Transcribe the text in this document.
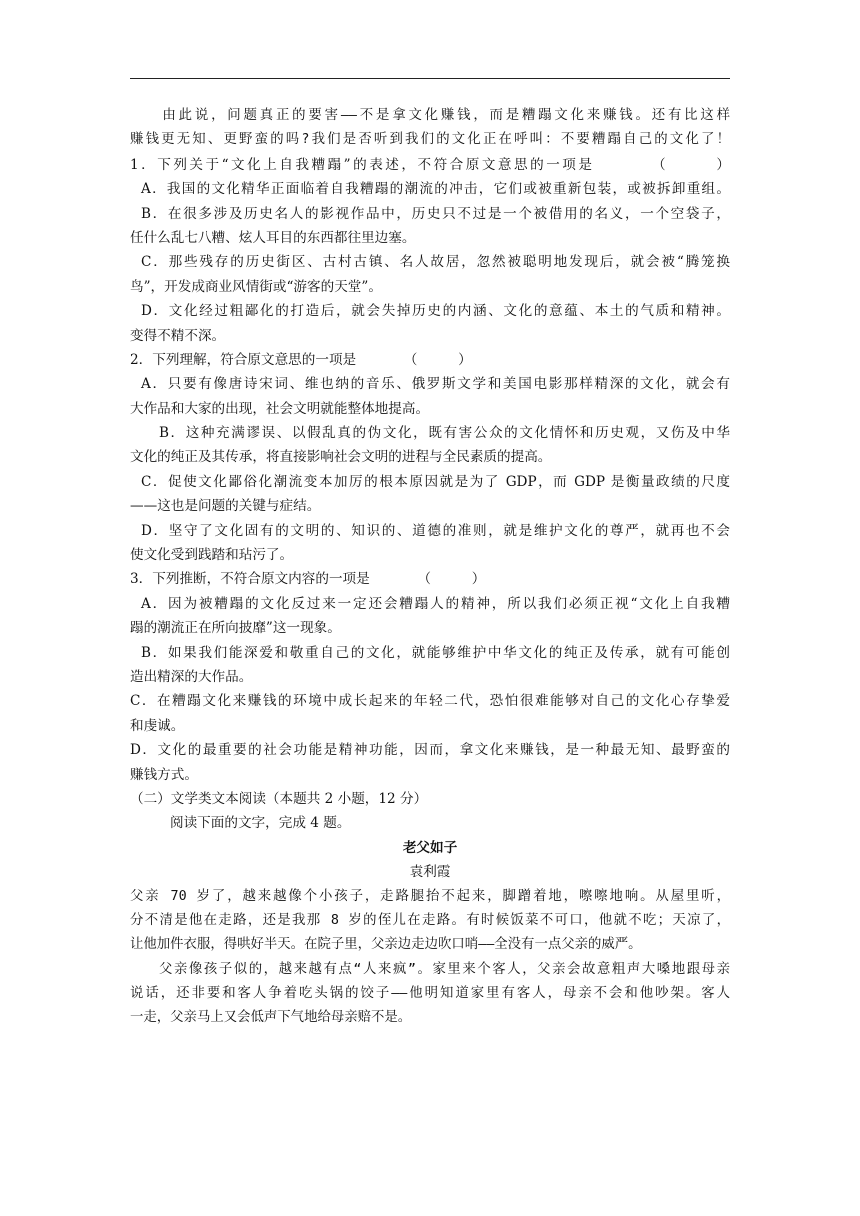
　　由此说，问题真正的要害——不是拿文化赚钱，而是糟蹋文化来赚钱。还有比这样
赚钱更无知、更野蛮的吗?我们是否听到我们的文化正在呼叫：不要糟蹋自己的文化了！
1．下列关于“文化上自我糟蹋”的表述，不符合原文意思的一项是　　　　（　　　）
A．我国的文化精华正面临着自我糟蹋的潮流的冲击，它们或被重新包装，或被拆卸重组。
B．在很多涉及历史名人的影视作品中，历史只不过是一个被借用的名义，一个空袋子，
任什么乱七八糟、炫人耳目的东西都往里边塞。
C．那些残存的历史街区、古村古镇、名人故居，忽然被聪明地发现后，就会被“腾笼换
鸟”，开发成商业风情街或“游客的天堂”。
D．文化经过粗鄙化的打造后，就会失掉历史的内涵、文化的意蕴、本土的气质和精神。
变得不精不深。
2．下列理解，符合原文意思的一项是　　　　（　　　）
A．只要有像唐诗宋词、维也纳的音乐、俄罗斯文学和美国电影那样精深的文化，就会有
大作品和大家的出现，社会文明就能整体地提高。
B．这种充满谬误、以假乱真的伪文化，既有害公众的文化情怀和历史观，又伤及中华
文化的纯正及其传承，将直接影响社会文明的进程与全民素质的提高。
C．促使文化鄙俗化潮流变本加厉的根本原因就是为了 GDP，而 GDP 是衡量政绩的尺度
——这也是问题的关键与症结。
D．坚守了文化固有的文明的、知识的、道德的准则，就是维护文化的尊严，就再也不会
使文化受到践踏和玷污了。
3．下列推断，不符合原文内容的一项是　　　　（　　　）
A．因为被糟蹋的文化反过来一定还会糟蹋人的精神，所以我们必须正视“文化上自我糟
蹋的潮流正在所向披靡”这一现象。
B．如果我们能深爱和敬重自己的文化，就能够维护中华文化的纯正及传承，就有可能创
造出精深的大作品。
C．在糟蹋文化来赚钱的环境中成长起来的年轻二代，恐怕很难能够对自己的文化心存挚爱
和虔诚。
D．文化的最重要的社会功能是精神功能，因而，拿文化来赚钱，是一种最无知、最野蛮的
赚钱方式。
（二）文学类文本阅读（本题共 2 小题，12 分）
阅读下面的文字，完成 4 题。
老父如子
袁利霞
父亲 70 岁了，越来越像个小孩子，走路腿抬不起来，脚蹭着地，嚓嚓地响。从屋里听，
分不清是他在走路，还是我那 8 岁的侄儿在走路。有时候饭菜不可口，他就不吃；天凉了，
让他加件衣服，得哄好半天。在院子里，父亲边走边吹口哨——全没有一点父亲的威严。
父亲像孩子似的，越来越有点“人来疯”。家里来个客人，父亲会故意粗声大嗓地跟母亲
说话，还非要和客人争着吃头锅的饺子——他明知道家里有客人，母亲不会和他吵架。客人
一走，父亲马上又会低声下气地给母亲赔不是。
